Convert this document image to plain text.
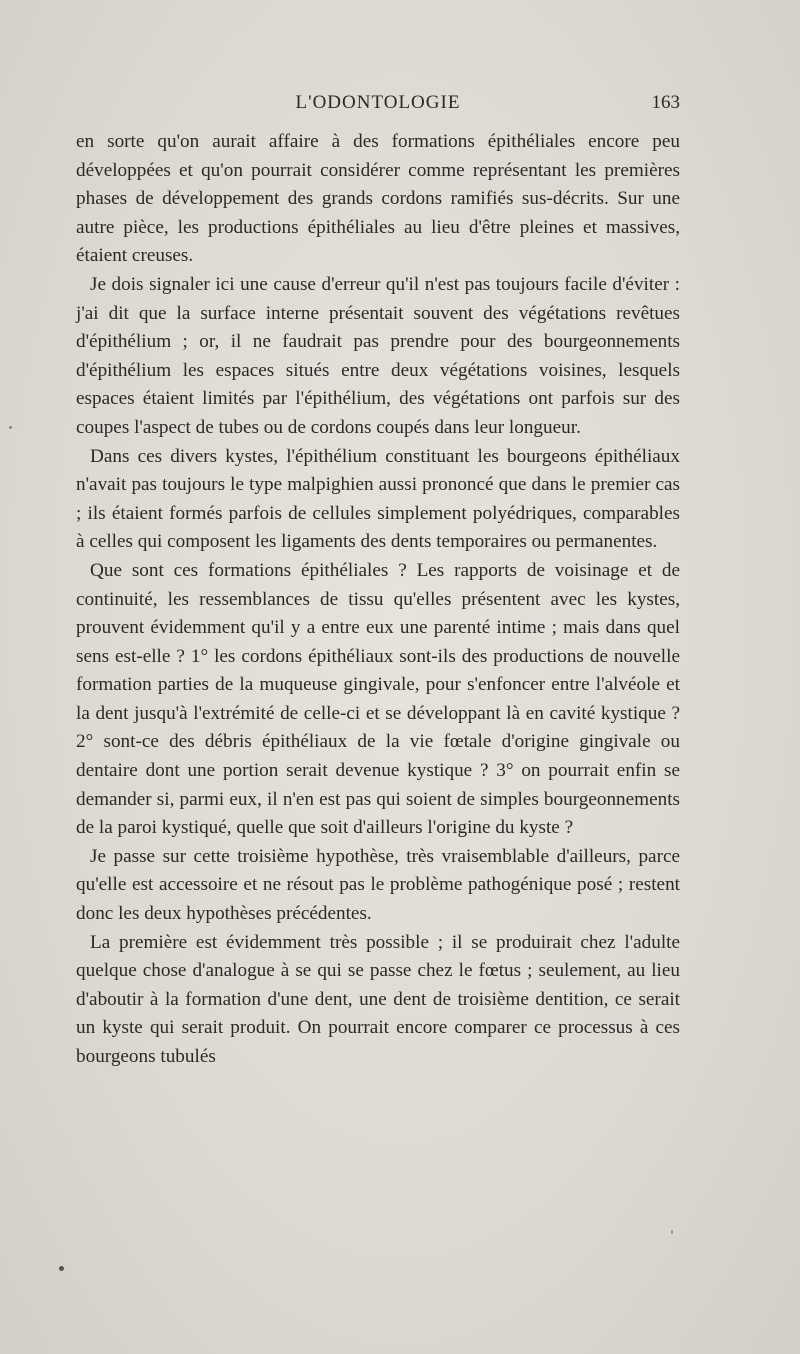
L'ODONTOLOGIE	163

en sorte qu'on aurait affaire à des formations épithéliales encore peu développées et qu'on pourrait considérer comme représentant les premières phases de développement des grands cordons ramifiés sus-décrits. Sur une autre pièce, les productions épithéliales au lieu d'être pleines et massives, étaient creuses.

Je dois signaler ici une cause d'erreur qu'il n'est pas toujours facile d'éviter : j'ai dit que la surface interne présentait souvent des végétations revêtues d'épithélium ; or, il ne faudrait pas prendre pour des bourgeonnements d'épithélium les espaces situés entre deux végétations voisines, lesquels espaces étaient limités par l'épithélium, des végétations ont parfois sur des coupes l'aspect de tubes ou de cordons coupés dans leur longueur.

Dans ces divers kystes, l'épithélium constituant les bourgeons épithéliaux n'avait pas toujours le type malpighien aussi prononcé que dans le premier cas ; ils étaient formés parfois de cellules simplement polyédriques, comparables à celles qui composent les ligaments des dents temporaires ou permanentes.

Que sont ces formations épithéliales ? Les rapports de voisinage et de continuité, les ressemblances de tissu qu'elles présentent avec les kystes, prouvent évidemment qu'il y a entre eux une parenté intime ; mais dans quel sens est-elle ? 1° les cordons épithéliaux sont-ils des productions de nouvelle formation parties de la muqueuse gingivale, pour s'enfoncer entre l'alvéole et la dent jusqu'à l'extrémité de celle-ci et se développant là en cavité kystique ? 2° sont-ce des débris épithéliaux de la vie fœtale d'origine gingivale ou dentaire dont une portion serait devenue kystique ? 3° on pourrait enfin se demander si, parmi eux, il n'en est pas qui soient de simples bourgeonnements de la paroi kystiqué, quelle que soit d'ailleurs l'origine du kyste ?

Je passe sur cette troisième hypothèse, très vraisemblable d'ailleurs, parce qu'elle est accessoire et ne résout pas le problème pathogénique posé ; restent donc les deux hypothèses précédentes.

La première est évidemment très possible ; il se produirait chez l'adulte quelque chose d'analogue à se qui se passe chez le fœtus ; seulement, au lieu d'aboutir à la formation d'une dent, une dent de troisième dentition, ce serait un kyste qui serait produit. On pourrait encore comparer ce processus à ces bourgeons tubulés
